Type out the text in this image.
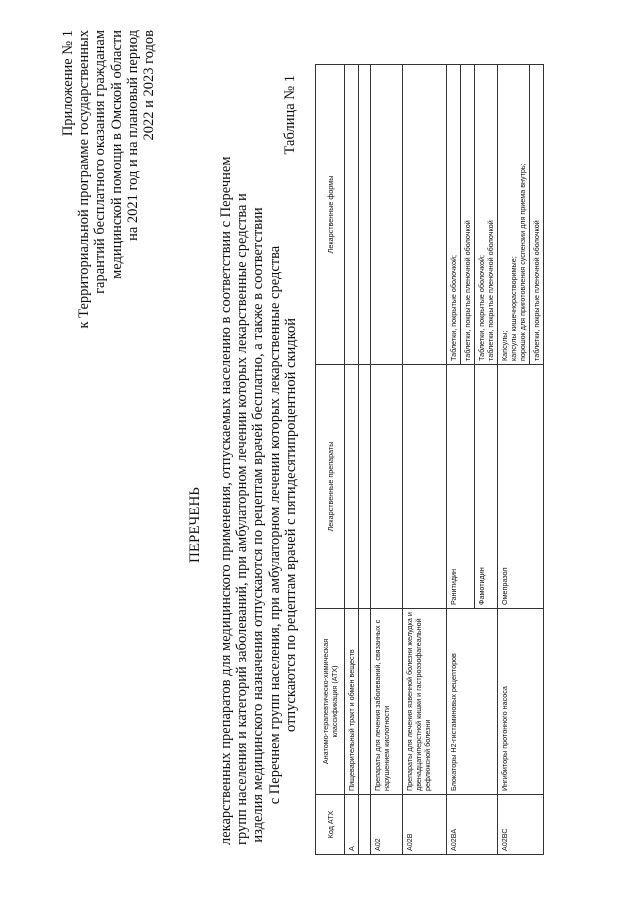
Приложение № 1 к Территориальной программе государственных гарантий бесплатного оказания гражданам медицинской помощи в Омской области на 2021 год и на плановый период 2022 и 2023 годов
ПЕРЕЧЕНЬ лекарственных препаратов для медицинского применения, отпускаемых населению в соответствии с Перечнем групп населения и категорий заболеваний, при амбулаторном лечении которых лекарственные средства и изделия медицинского назначения отпускаются по рецептам врачей бесплатно, а также в соответствии с Перечнем групп населения, при амбулаторном лечении которых лекарственные средства отпускаются по рецептам врачей с пятидесятипроцентной скидкой
Таблица № 1
Код АТХ	Анатомо-терапевтическо-химическая классификация (АТХ)	Лекарственные препараты	Лекарственные формы
А	Пищеварительный тракт и обмен веществ		

А02	Препараты для лечения заболеваний, связанных с нарушением кислотности		
А02В	Препараты для лечения язвенной болезни желудка и двенадцатиперстной кишки и гастроэзофагеальной рефлюксной болезни		
А02ВА	Блокаторы Н2-гистаминовых рецепторов	Ранитидин	Таблетки, покрытые оболочкой; таблетки, покрытые пленочной оболочкой

		Фамотидин	Таблетки, покрытые оболочкой; таблетки, покрытые пленочной оболочкой

А02ВС	Ингибиторы протонного насоса	Омепразол	Капсулы; капсулы кишечнорастворимые; порошок для приготовления суспензии для приема внутрь; таблетки, покрытые пленочной оболочкой
